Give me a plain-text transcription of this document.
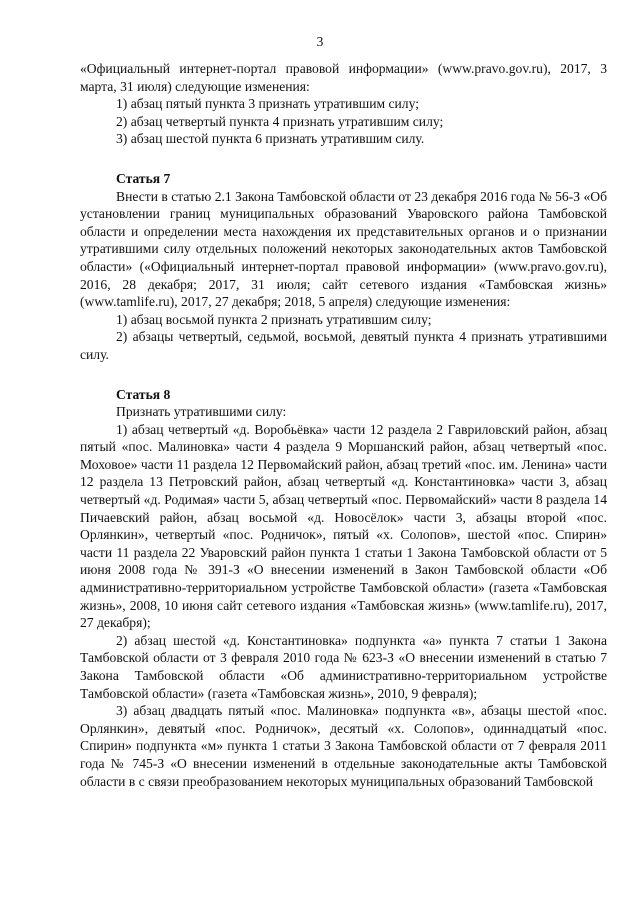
3

«Официальный интернет-портал правовой информации» (www.pravo.gov.ru), 2017, 3 марта, 31 июля) следующие изменения:

1) абзац пятый пункта 3 признать утратившим силу;

2) абзац четвертый пункта 4 признать утратившим силу;

3) абзац шестой пункта 6 признать утратившим силу.

Статья 7

Внести в статью 2.1 Закона Тамбовской области от 23 декабря 2016 года № 56-З «Об установлении границ муниципальных образований Уваровского района Тамбовской области и определении места нахождения их представительных органов и о признании утратившими силу отдельных положений некоторых законодательных актов Тамбовской области» («Официальный интернет-портал правовой информации» (www.pravo.gov.ru), 2016, 28 декабря; 2017, 31 июля; сайт сетевого издания «Тамбовская жизнь» (www.tamlife.ru), 2017, 27 декабря; 2018, 5 апреля) следующие изменения:

1) абзац восьмой пункта 2 признать утратившим силу;

2) абзацы четвертый, седьмой, восьмой, девятый пункта 4 признать утратившими силу.

Статья 8

Признать утратившими силу:

1) абзац четвертый «д. Воробьёвка» части 12 раздела 2 Гавриловский район, абзац пятый «пос. Малиновка» части 4 раздела 9 Моршанский район, абзац четвертый «пос. Моховое» части 11 раздела 12 Первомайский район, абзац третий «пос. им. Ленина» части 12 раздела 13 Петровский район, абзац четвертый «д. Константиновка» части 3, абзац четвертый «д. Родимая» части 5, абзац четвертый «пос. Первомайский» части 8 раздела 14 Пичаевский район, абзац восьмой «д. Новосёлок» части 3, абзацы второй «пос. Орлянкин», четвертый «пос. Родничок», пятый «х. Солопов», шестой «пос. Спирин» части 11 раздела 22 Уваровский район пункта 1 статьи 1 Закона Тамбовской области от 5 июня 2008 года № 391-З «О внесении изменений в Закон Тамбовской области «Об административно-территориальном устройстве Тамбовской области» (газета «Тамбовская жизнь», 2008, 10 июня сайт сетевого издания «Тамбовская жизнь» (www.tamlife.ru), 2017, 27 декабря);

2) абзац шестой «д. Константиновка» подпункта «а» пункта 7 статьи 1 Закона Тамбовской области от 3 февраля 2010 года № 623-З «О внесении изменений в статью 7 Закона Тамбовской области «Об административно-территориальном устройстве Тамбовской области» (газета «Тамбовская жизнь», 2010, 9 февраля);

3) абзац двадцать пятый «пос. Малиновка» подпункта «в», абзацы шестой «пос. Орлянкин», девятый «пос. Родничок», десятый «х. Солопов», одиннадцатый «пос. Спирин» подпункта «м» пункта 1 статьи 3 Закона Тамбовской области от 7 февраля 2011 года № 745-З «О внесении изменений в отдельные законодательные акты Тамбовской области в с связи преобразованием некоторых муниципальных образований Тамбовской
